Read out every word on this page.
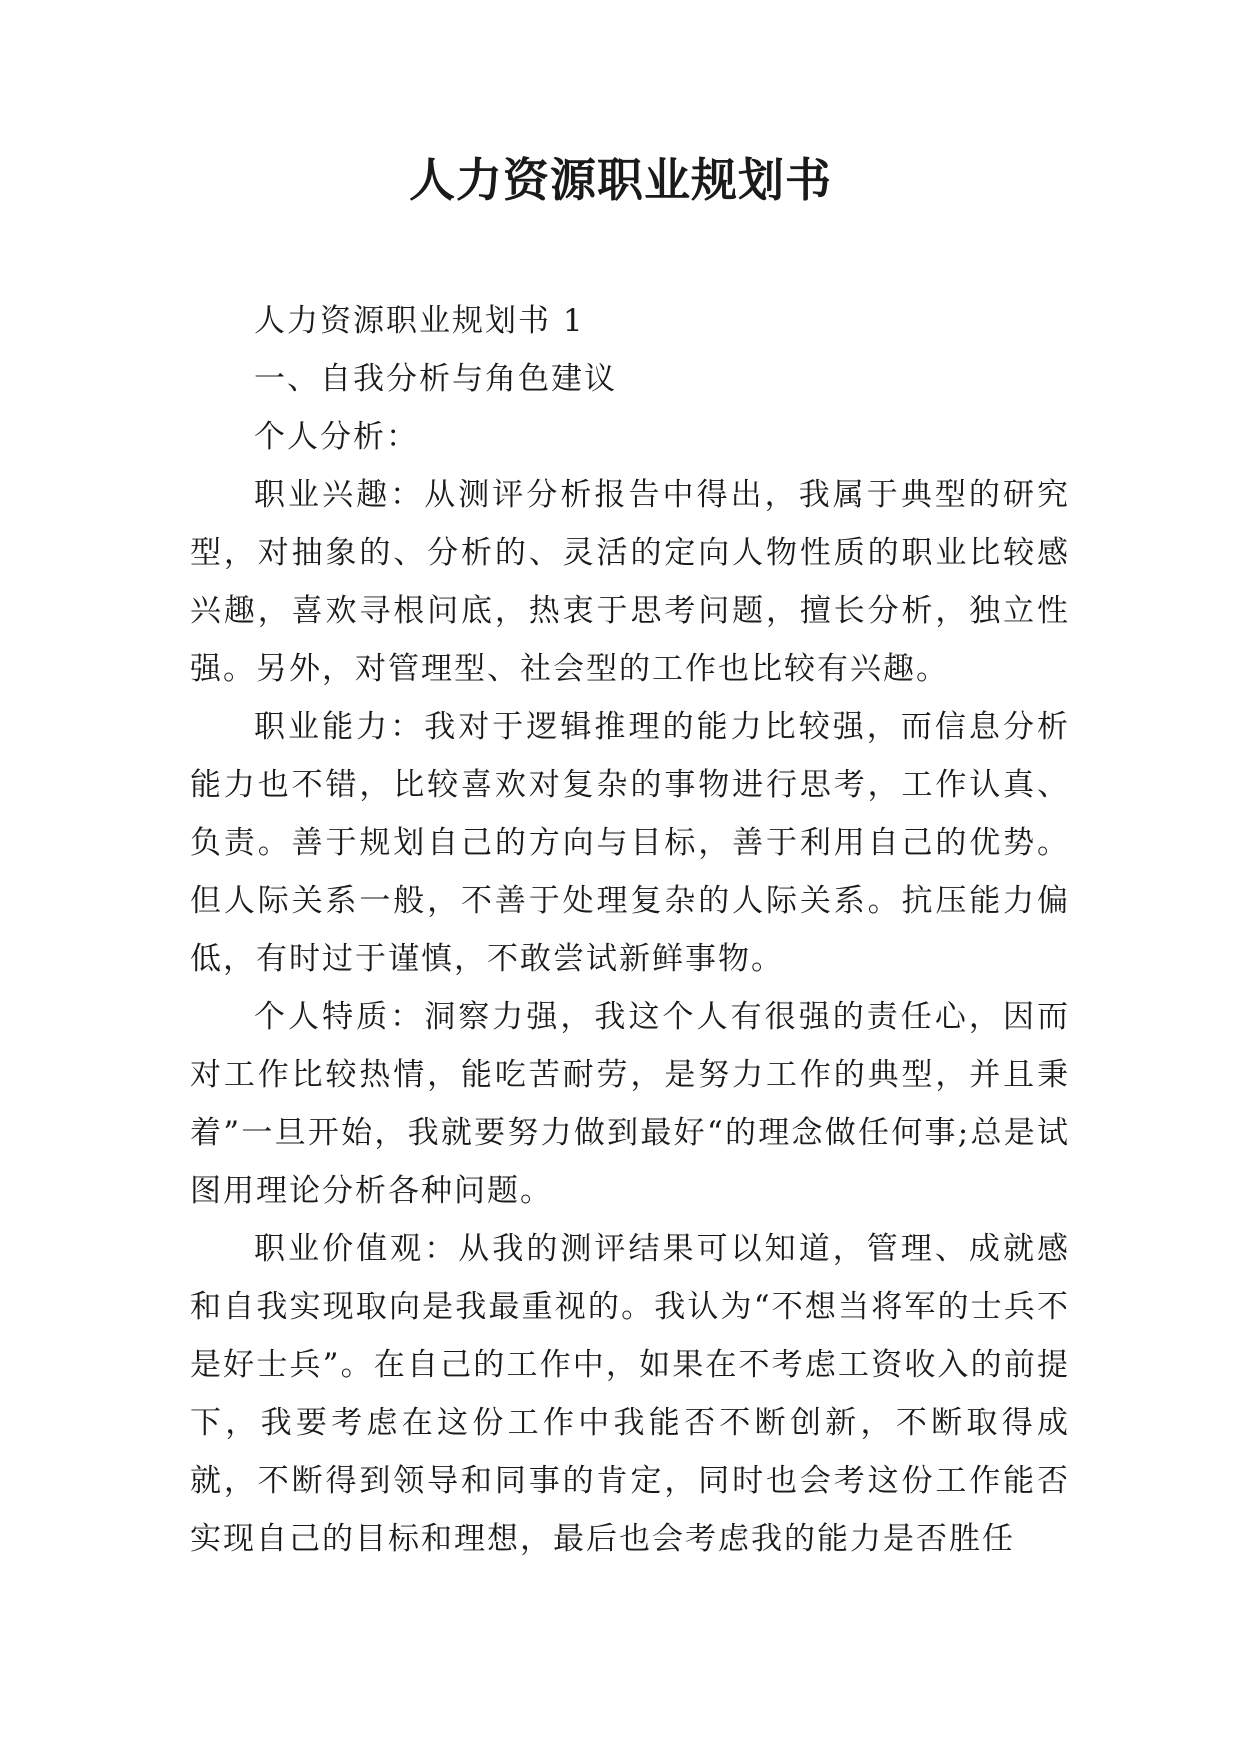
人力资源职业规划书

人力资源职业规划书 1

一、自我分析与角色建议

个人分析：

职业兴趣：从测评分析报告中得出，我属于典型的研究型，对抽象的、分析的、灵活的定向人物性质的职业比较感兴趣，喜欢寻根问底，热衷于思考问题，擅长分析，独立性强。另外，对管理型、社会型的工作也比较有兴趣。

职业能力：我对于逻辑推理的能力比较强，而信息分析能力也不错，比较喜欢对复杂的事物进行思考，工作认真、负责。善于规划自己的方向与目标，善于利用自己的优势。但人际关系一般，不善于处理复杂的人际关系。抗压能力偏低，有时过于谨慎，不敢尝试新鲜事物。

个人特质：洞察力强，我这个人有很强的责任心，因而对工作比较热情，能吃苦耐劳，是努力工作的典型，并且秉着”一旦开始，我就要努力做到最好“的理念做任何事;总是试图用理论分析各种问题。

职业价值观：从我的测评结果可以知道，管理、成就感和自我实现取向是我最重视的。我认为“不想当将军的士兵不是好士兵”。在自己的工作中，如果在不考虑工资收入的前提下，我要考虑在这份工作中我能否不断创新，不断取得成就，不断得到领导和同事的肯定，同时也会考这份工作能否实现自己的目标和理想，最后也会考虑我的能力是否胜任
